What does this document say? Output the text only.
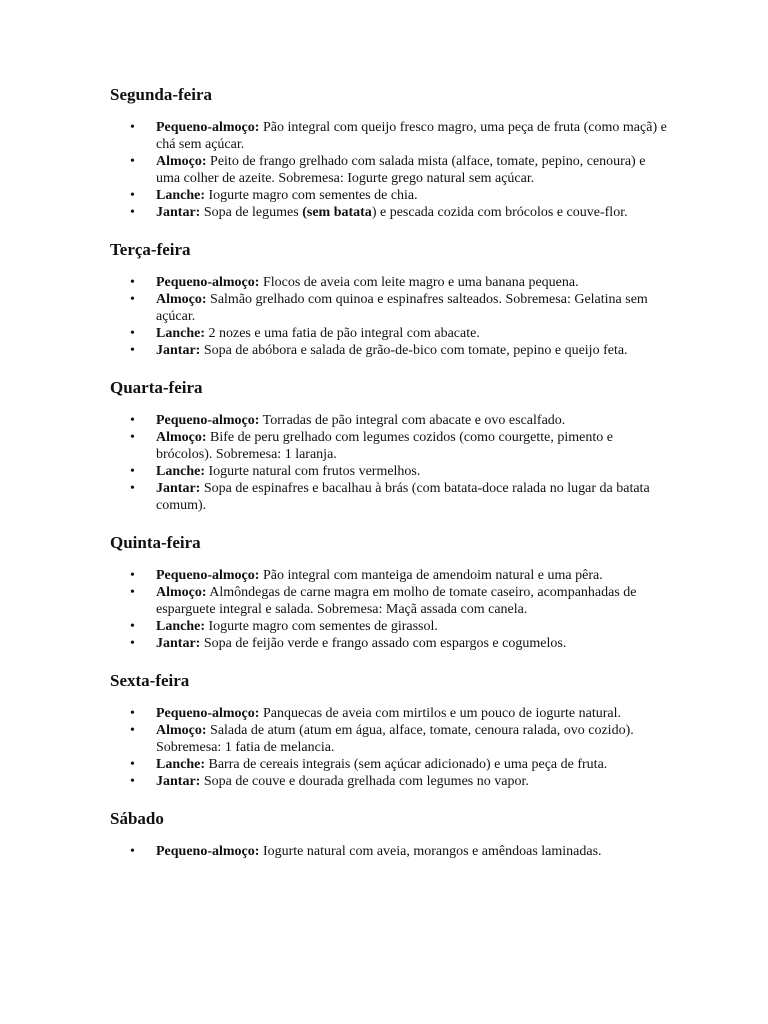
Segunda-feira
• Pequeno-almoço: Pão integral com queijo fresco magro, uma peça de fruta (como maçã) e chá sem açúcar.
• Almoço: Peito de frango grelhado com salada mista (alface, tomate, pepino, cenoura) e uma colher de azeite. Sobremesa: Iogurte grego natural sem açúcar.
• Lanche: Iogurte magro com sementes de chia.
• Jantar: Sopa de legumes (sem batata) e pescada cozida com brócolos e couve-flor.
Terça-feira
• Pequeno-almoço: Flocos de aveia com leite magro e uma banana pequena.
• Almoço: Salmão grelhado com quinoa e espinafres salteados. Sobremesa: Gelatina sem açúcar.
• Lanche: 2 nozes e uma fatia de pão integral com abacate.
• Jantar: Sopa de abóbora e salada de grão-de-bico com tomate, pepino e queijo feta.
Quarta-feira
• Pequeno-almoço: Torradas de pão integral com abacate e ovo escalfado.
• Almoço: Bife de peru grelhado com legumes cozidos (como courgette, pimento e brócolos). Sobremesa: 1 laranja.
• Lanche: Iogurte natural com frutos vermelhos.
• Jantar: Sopa de espinafres e bacalhau à brás (com batata-doce ralada no lugar da batata comum).
Quinta-feira
• Pequeno-almoço: Pão integral com manteiga de amendoim natural e uma pêra.
• Almoço: Almôndegas de carne magra em molho de tomate caseiro, acompanhadas de esparguete integral e salada. Sobremesa: Maçã assada com canela.
• Lanche: Iogurte magro com sementes de girassol.
• Jantar: Sopa de feijão verde e frango assado com espargos e cogumelos.
Sexta-feira
• Pequeno-almoço: Panquecas de aveia com mirtilos e um pouco de iogurte natural.
• Almoço: Salada de atum (atum em água, alface, tomate, cenoura ralada, ovo cozido). Sobremesa: 1 fatia de melancia.
• Lanche: Barra de cereais integrais (sem açúcar adicionado) e uma peça de fruta.
• Jantar: Sopa de couve e dourada grelhada com legumes no vapor.
Sábado
• Pequeno-almoço: Iogurte natural com aveia, morangos e amêndoas laminadas.
